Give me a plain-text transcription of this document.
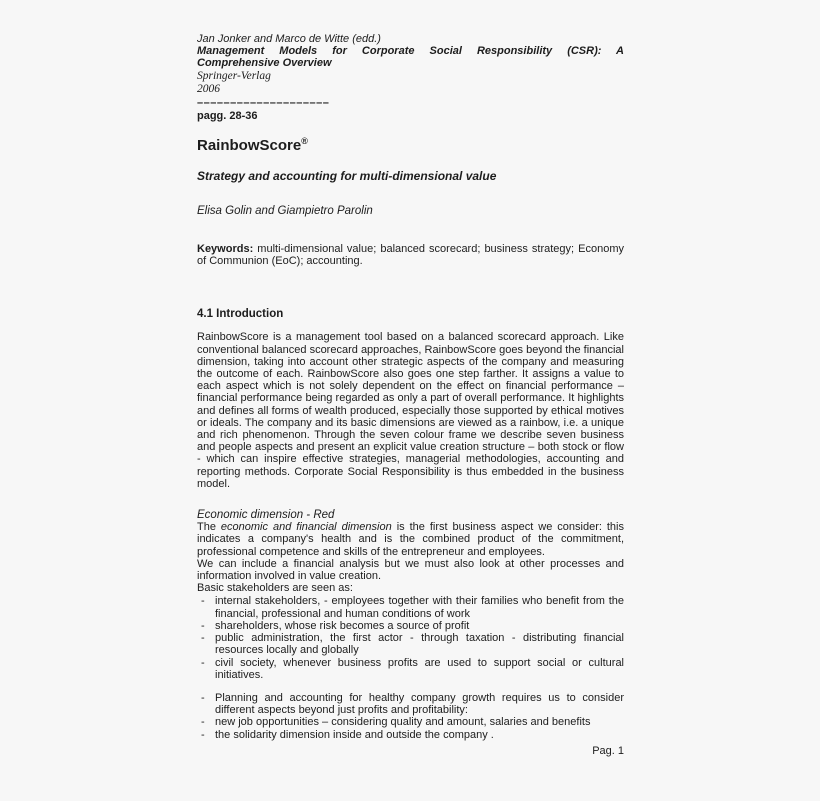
Jan Jonker and Marco de Witte (edd.)

Management Models for Corporate Social Responsibility (CSR): A

Comprehensive Overview

Springer-Verlag

2006

––––––––––––––––––––

pagg. 28-36

RainbowScore®
Strategy and accounting for multi-dimensional value

Elisa Golin and Giampietro Parolin

Keywords: multi-dimensional value; balanced scorecard; business strategy; Economy of Communion (EoC); accounting.

4.1 Introduction

RainbowScore is a management tool based on a balanced scorecard approach. Like conventional balanced scorecard approaches, RainbowScore goes beyond the financial dimension, taking into account other strategic aspects of the company and measuring the outcome of each. RainbowScore also goes one step farther. It assigns a value to each aspect which is not solely dependent on the effect on financial performance – financial performance being regarded as only a part of overall performance. It highlights and defines all forms of wealth produced, especially those supported by ethical motives or ideals. The company and its basic dimensions are viewed as a rainbow, i.e. a unique and rich phenomenon. Through the seven colour frame we describe seven business and people aspects and present an explicit value creation structure – both stock or flow - which can inspire effective strategies, managerial methodologies, accounting and reporting methods. Corporate Social Responsibility is thus embedded in the business model.

Economic dimension - Red

The economic and financial dimension is the first business aspect we consider: this indicates a company's health and is the combined product of the commitment, professional competence and skills of the entrepreneur and employees.

We can include a financial analysis but we must also look at other processes and information involved in value creation.

Basic stakeholders are seen as:

- internal stakeholders, - employees together with their families who benefit from the financial, professional and human conditions of work
- shareholders, whose risk becomes a source of profit
- public administration, the first actor - through taxation - distributing financial resources locally and globally
- civil society, whenever business profits are used to support social or cultural initiatives.
- Planning and accounting for healthy company growth requires us to consider different aspects beyond just profits and profitability:
- new job opportunities – considering quality and amount, salaries and benefits
- the solidarity dimension inside and outside the company .
Pag. 1
